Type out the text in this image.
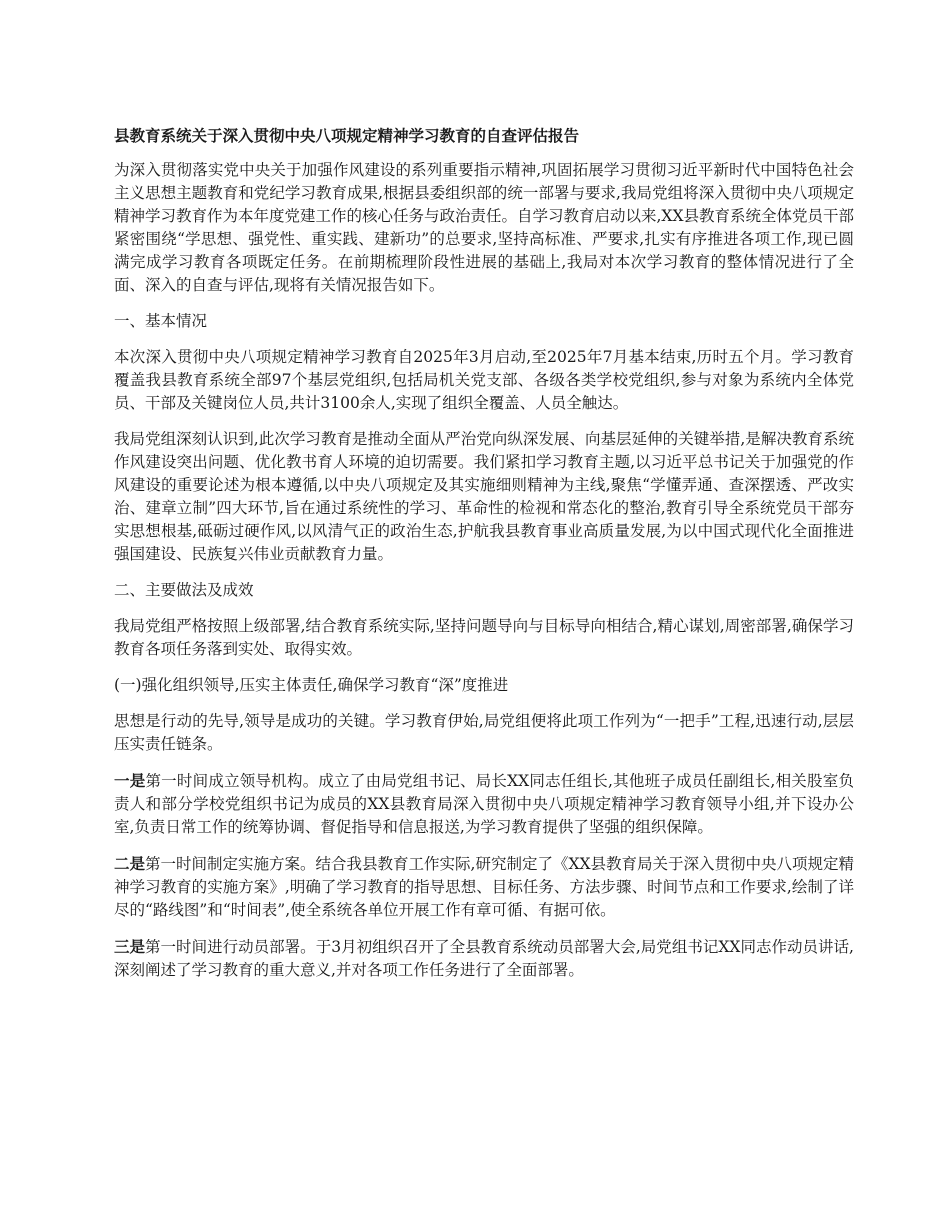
县教育系统关于深入贯彻中央八项规定精神学习教育的自查评估报告

为深入贯彻落实党中央关于加强作风建设的系列重要指示精神,巩固拓展学习贯彻习近平新时代中国特色社会主义思想主题教育和党纪学习教育成果,根据县委组织部的统一部署与要求,我局党组将深入贯彻中央八项规定精神学习教育作为本年度党建工作的核心任务与政治责任。自学习教育启动以来,XX县教育系统全体党员干部紧密围绕“学思想、强党性、重实践、建新功”的总要求,坚持高标准、严要求,扎实有序推进各项工作,现已圆满完成学习教育各项既定任务。在前期梳理阶段性进展的基础上,我局对本次学习教育的整体情况进行了全面、深入的自查与评估,现将有关情况报告如下。

一、基本情况

本次深入贯彻中央八项规定精神学习教育自2025年3月启动,至2025年7月基本结束,历时五个月。学习教育覆盖我县教育系统全部97个基层党组织,包括局机关党支部、各级各类学校党组织,参与对象为系统内全体党员、干部及关键岗位人员,共计3100余人,实现了组织全覆盖、人员全触达。

我局党组深刻认识到,此次学习教育是推动全面从严治党向纵深发展、向基层延伸的关键举措,是解决教育系统作风建设突出问题、优化教书育人环境的迫切需要。我们紧扣学习教育主题,以习近平总书记关于加强党的作风建设的重要论述为根本遵循,以中央八项规定及其实施细则精神为主线,聚焦“学懂弄通、查深摆透、严改实治、建章立制”四大环节,旨在通过系统性的学习、革命性的检视和常态化的整治,教育引导全系统党员干部夯实思想根基,砥砺过硬作风,以风清气正的政治生态,护航我县教育事业高质量发展,为以中国式现代化全面推进强国建设、民族复兴伟业贡献教育力量。

二、主要做法及成效

我局党组严格按照上级部署,结合教育系统实际,坚持问题导向与目标导向相结合,精心谋划,周密部署,确保学习教育各项任务落到实处、取得实效。

(一)强化组织领导,压实主体责任,确保学习教育“深”度推进

思想是行动的先导,领导是成功的关键。学习教育伊始,局党组便将此项工作列为“一把手”工程,迅速行动,层层压实责任链条。

一是第一时间成立领导机构。成立了由局党组书记、局长XX同志任组长,其他班子成员任副组长,相关股室负责人和部分学校党组织书记为成员的XX县教育局深入贯彻中央八项规定精神学习教育领导小组,并下设办公室,负责日常工作的统筹协调、督促指导和信息报送,为学习教育提供了坚强的组织保障。

二是第一时间制定实施方案。结合我县教育工作实际,研究制定了《XX县教育局关于深入贯彻中央八项规定精神学习教育的实施方案》,明确了学习教育的指导思想、目标任务、方法步骤、时间节点和工作要求,绘制了详尽的“路线图”和“时间表”,使全系统各单位开展工作有章可循、有据可依。

三是第一时间进行动员部署。于3月初组织召开了全县教育系统动员部署大会,局党组书记XX同志作动员讲话,深刻阐述了学习教育的重大意义,并对各项工作任务进行了全面部署。
